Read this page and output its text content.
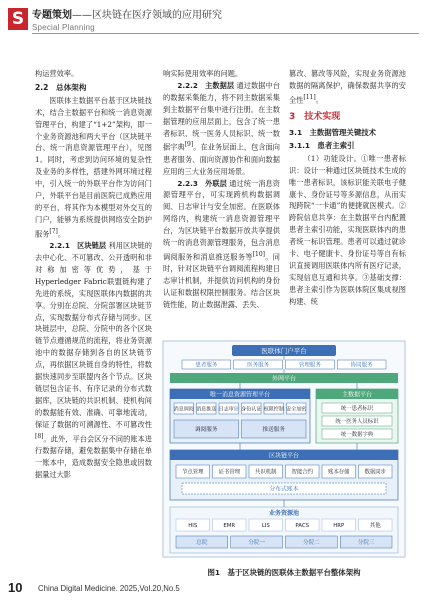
S 专题策划——区块链在医疗领域的应用研究
Special Planning

构运营效率。

2.2　总体架构

医联体主数据平台基于区块链技术，结合主数据平台和统一消息资源管理平台，构建了“1+2”架构，即一个业务资源池和两大平台（区块链平台、统一消息资源管理平台），见图1。同时，考虑到访问环境的复杂性及业务的多样性，搭建外网环境过程中，引入统一的外联平台作为访问门户，外联平台是目前医院已成熟应用的平台，将其作为本模型对外交互的门户，能够为系统提供网络安全防护服务[7]。

2.2.1　区块链层 利用区块链的去中心化、不可篡改、公开透明和非对称加密等优势，基于Hyperledger Fabric联盟链构建了先进的系统，实现医联体内数据的共享。分别在总院、分院部署区块链节点，实现数据分布式存储与同步。区块链层中，总院、分院中的各个区块链节点遵循规范的流程，将业务资源池中的数据存储到各自的区块链节点，再依据区块链自身的特性，将数据快速同步至联盟内各个节点。区块链层包含证书、有序记录的分布式数据库，区块链的共识机制、使机构间的数据能有效、准确、可靠地流动，保证了数据的可溯源性、不可篡改性[8]。此外，平台会区分不同的账本进行数据存储，避免数据集中存储在单一账本中，造成数据安全隐患或因数据量过大影

响实际使用效率的问题。

2.2.2　主数据层 通过数据中台的数据采集能力，将不同主数据采集到主数据平台集中进行注册。在主数据管理的应用层面上，包含了统一患者标识、统一医务人员标识、统一数据字典[9]。在业务层面上，包含面向患者服务、面向资源协作和面向数据应用的三大业务应用场景。

2.2.3　外联层 通过统一消息资源管理平台，可实现跨机构数据调阅、日志审计与安全加密。在医联体网络内，构建统一消息资源管理平台，为区块链平台数据开放共享提供统一的消息资源管理服务，包含消息调阅服务和消息推送服务等[10]。同时，针对区块链平台调阅流程构建日志审计机制，并提供访问机构的身份认证和数据权限控制服务。结合区块链性能，防止数据泄露、丢失、

篡改、篡改等风险，实现业务资源池数据的隔离保护，确保数据共享的安全性[11]。

3　技术实现
3.1　主数据管理关键技术
3.1.1　患者主索引

（1）功能设计。①唯一患者标识：设计一种通过区块链技术生成的唯一患者标识，该标识能关联电子健康卡、身份证号等多源信息，从而实现跨院“一卡通”的便捷就医模式。②跨院信息共享：在主数据平台内配置患者主索引功能，实现医联体内的患者统一标识管理。患者可以通过就诊卡、电子健康卡、身份证号等自有标识直接调用医联体内所有医疗记录，实现信息互通和共享。③基础支撑：患者主索引作为医联体院区集成视图构建、统

医联体门户平台
患者服务	医务服务	管理服务	协同服务
外网平台
唯一消息资源管理平台
消息调阅 消息推送 日志审计 身份认证 权限控制 安全加密
调阅服务	推送服务
主数据平台
统一患者标识
统一医务人员标识
统一数据字典
区块链平台
节点管理	证书管理	共识机制	智能合约	账本存储	数据同步
分布式账本
业务资源池
HIS	EMR	LIS	PACS	HRP	其他
总院	分院一	分院二	分院三
图1　基于区块链的医联体主数据平台整体架构
10 China Digital Medicine. 2025,Vol.20,No.5
